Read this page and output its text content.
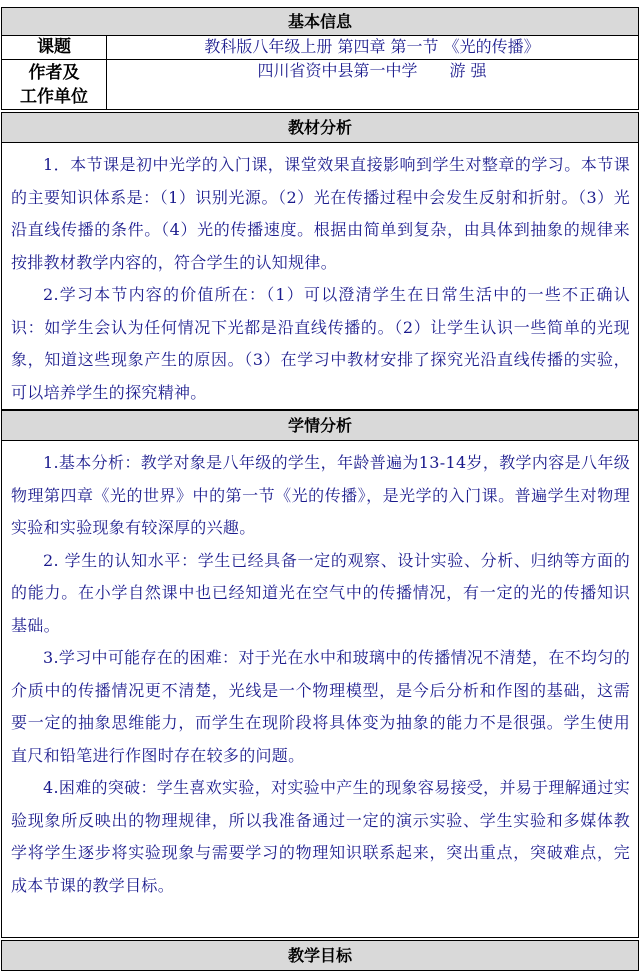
基本信息
课题	教科版八年级上册 第四章 第一节 《光的传播》
作者及
工作单位
四川省资中县第一中学　　游 强
教材分析

1．本节课是初中光学的入门课，课堂效果直接影响到学生对整章的学习。本节课的主要知识体系是：（1）识别光源。（2）光在传播过程中会发生反射和折射。（3）光沿直线传播的条件。（4）光的传播速度。根据由简单到复杂，由具体到抽象的规律来按排教材教学内容的，符合学生的认知规律。

2.学习本节内容的价值所在：（1）可以澄清学生在日常生活中的一些不正确认识：如学生会认为任何情况下光都是沿直线传播的。（2）让学生认识一些简单的光现象，知道这些现象产生的原因。（3）在学习中教材安排了探究光沿直线传播的实验，可以培养学生的探究精神。

学情分析

1.基本分析：教学对象是八年级的学生，年龄普遍为13-14岁，教学内容是八年级物理第四章《光的世界》中的第一节《光的传播》，是光学的入门课。普遍学生对物理实验和实验现象有较深厚的兴趣。

2. 学生的认知水平：学生已经具备一定的观察、设计实验、分析、归纳等方面的的能力。在小学自然课中也已经知道光在空气中的传播情况，有一定的光的传播知识基础。

3.学习中可能存在的困难：对于光在水中和玻璃中的传播情况不清楚，在不均匀的介质中的传播情况更不清楚，光线是一个物理模型，是今后分析和作图的基础，这需要一定的抽象思维能力，而学生在现阶段将具体变为抽象的能力不是很强。学生使用直尺和铅笔进行作图时存在较多的问题。

4.困难的突破：学生喜欢实验，对实验中产生的现象容易接受，并易于理解通过实验现象所反映出的物理规律，所以我准备通过一定的演示实验、学生实验和多媒体教学将学生逐步将实验现象与需要学习的物理知识联系起来，突出重点，突破难点，完成本节课的教学目标。

教学目标
